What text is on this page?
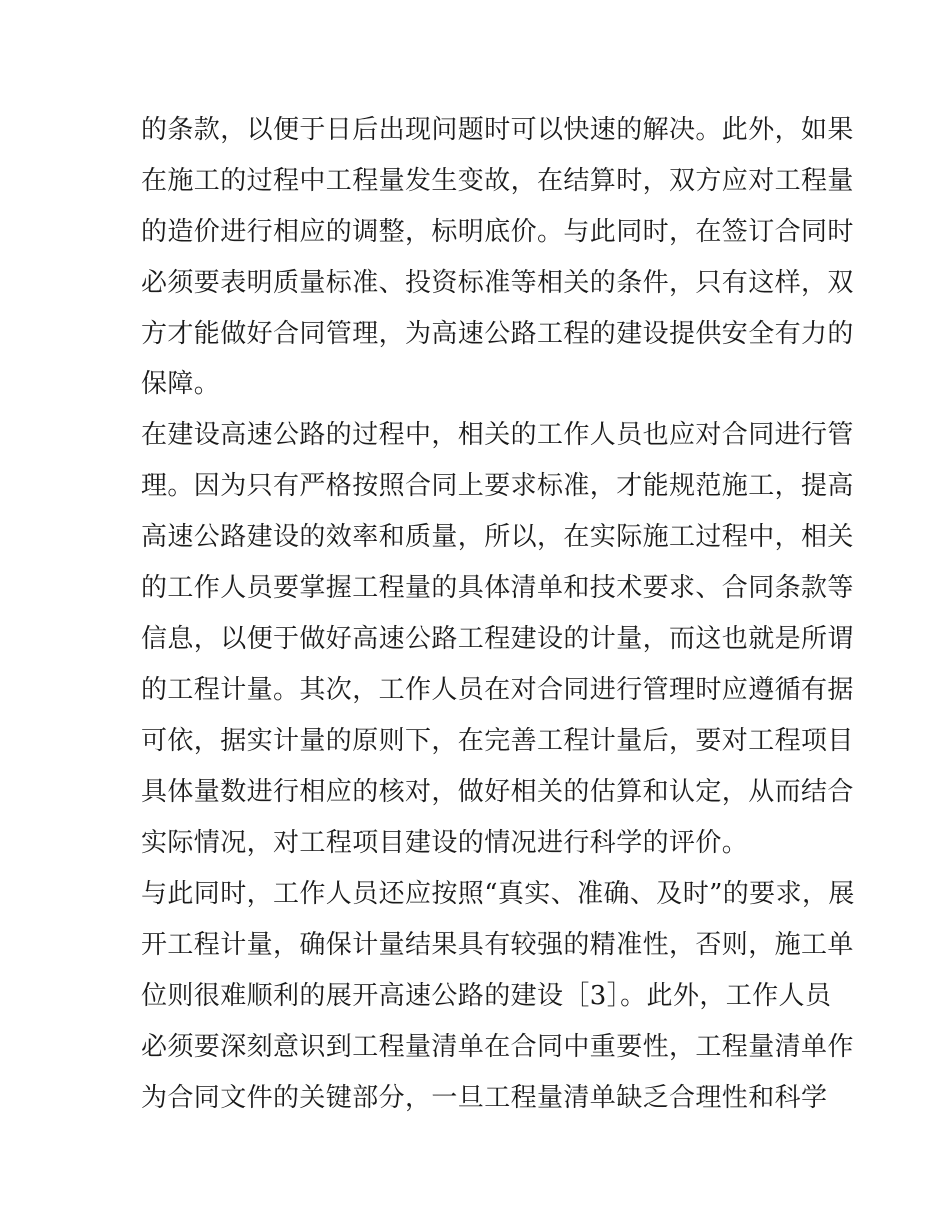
的条款，以便于日后出现问题时可以快速的解决。此外，如果
在施工的过程中工程量发生变故，在结算时，双方应对工程量
的造价进行相应的调整，标明底价。与此同时，在签订合同时
必须要表明质量标准、投资标准等相关的条件，只有这样，双
方才能做好合同管理，为高速公路工程的建设提供安全有力的
保障。
在建设高速公路的过程中，相关的工作人员也应对合同进行管
理。因为只有严格按照合同上要求标准，才能规范施工，提高
高速公路建设的效率和质量，所以，在实际施工过程中，相关
的工作人员要掌握工程量的具体清单和技术要求、合同条款等
信息，以便于做好高速公路工程建设的计量，而这也就是所谓
的工程计量。其次，工作人员在对合同进行管理时应遵循有据
可依，据实计量的原则下，在完善工程计量后，要对工程项目
具体量数进行相应的核对，做好相关的估算和认定，从而结合
实际情况，对工程项目建设的情况进行科学的评价。
与此同时，工作人员还应按照“真实、准确、及时”的要求，展
开工程计量，确保计量结果具有较强的精准性，否则，施工单
位则很难顺利的展开高速公路的建设［3］。此外，工作人员
必须要深刻意识到工程量清单在合同中重要性，工程量清单作
为合同文件的关键部分，一旦工程量清单缺乏合理性和科学
